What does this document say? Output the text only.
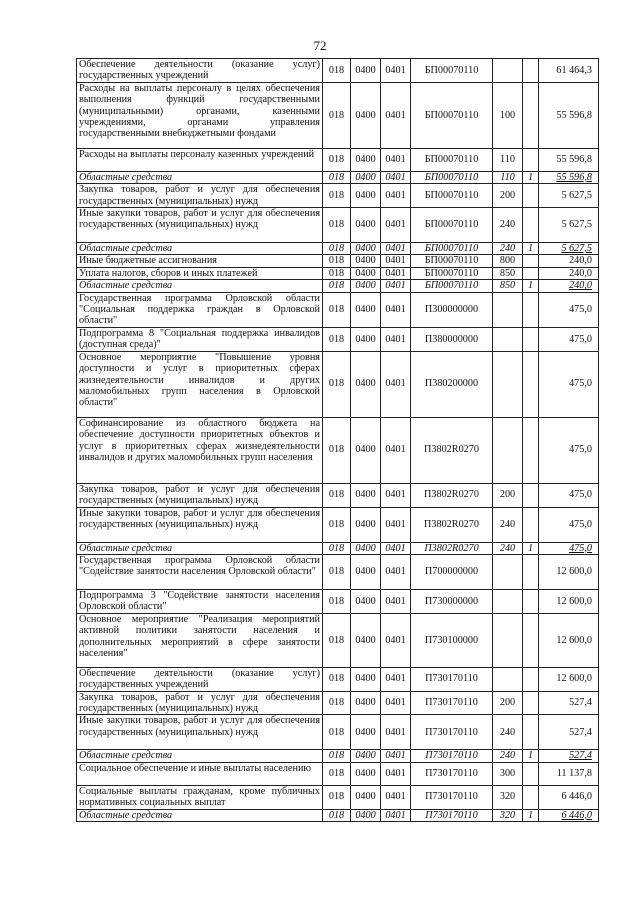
72
Обеспечение деятельности (оказание услуг) государственных учреждений	018	0400	0401	БП00070110			61 464,3
Расходы на выплаты персоналу в целях обеспечения выполнения функций государственными (муниципальными) органами, казенными учреждениями, органами управления государственными внебюджетными фондами	018	0400	0401	БП00070110	100		55 596,8
Расходы на выплаты персоналу казенных учреждений	018	0400	0401	БП00070110	110		55 596,8
Областные средства	018	0400	0401	БП00070110	110	1	55 596,8
Закупка товаров, работ и услуг для обеспечения государственных (муниципальных) нужд	018	0400	0401	БП00070110	200		5 627,5
Иные закупки товаров, работ и услуг для обеспечения государственных (муниципальных) нужд	018	0400	0401	БП00070110	240		5 627,5
Областные средства	018	0400	0401	БП00070110	240	1	5 627,5
Иные бюджетные ассигнования	018	0400	0401	БП00070110	800		240,0
Уплата налогов, сборов и иных платежей	018	0400	0401	БП00070110	850		240,0
Областные средства	018	0400	0401	БП00070110	850	1	240,0
Государственная программа Орловской области "Социальная поддержка граждан в Орловской области"	018	0400	0401	П300000000			475,0
Подпрограмма 8 "Социальная поддержка инвалидов (доступная среда)"	018	0400	0401	П380000000			475,0
Основное мероприятие "Повышение уровня доступности и услуг в приоритетных сферах жизнедеятельности инвалидов и других маломобильных групп населения в Орловской области"	018	0400	0401	П380200000			475,0
Софинансирование из областного бюджета на обеспечение доступности приоритетных объектов и услуг в приоритетных сферах жизнедеятельности инвалидов и других маломобильных групп населения	018	0400	0401	П3802R0270			475,0
Закупка товаров, работ и услуг для обеспечения государственных (муниципальных) нужд	018	0400	0401	П3802R0270	200		475,0
Иные закупки товаров, работ и услуг для обеспечения государственных (муниципальных) нужд	018	0400	0401	П3802R0270	240		475,0
Областные средства	018	0400	0401	П3802R0270	240	1	475,0
Государственная программа Орловской области "Содействие занятости населения Орловской области"	018	0400	0401	П700000000			12 600,0
Подпрограмма 3 "Содействие занятости населения Орловской области"	018	0400	0401	П730000000			12 600,0
Основное мероприятие "Реализация мероприятий активной политики занятости населения и дополнительных мероприятий в сфере занятости населения"	018	0400	0401	П730100000			12 600,0
Обеспечение деятельности (оказание услуг) государственных учреждений	018	0400	0401	П730170110			12 600,0
Закупка товаров, работ и услуг для обеспечения государственных (муниципальных) нужд	018	0400	0401	П730170110	200		527,4
Иные закупки товаров, работ и услуг для обеспечения государственных (муниципальных) нужд	018	0400	0401	П730170110	240		527,4
Областные средства	018	0400	0401	П730170110	240	1	527,4
Социальное обеспечение и иные выплаты населению	018	0400	0401	П730170110	300		11 137,8
Социальные выплаты гражданам, кроме публичных нормативных социальных выплат	018	0400	0401	П730170110	320		6 446,0
Областные средства	018	0400	0401	П730170110	320	1	6 446,0
